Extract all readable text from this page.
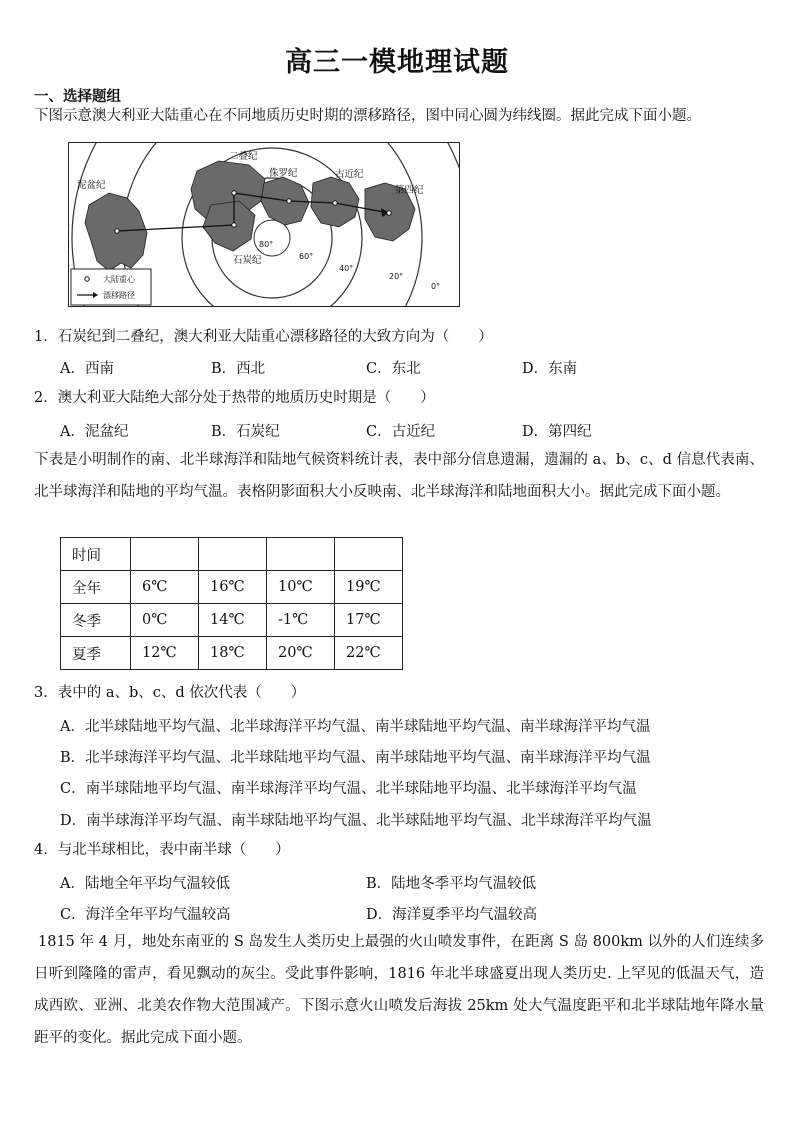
高三一模地理试题
一、选择题组
下图示意澳大利亚大陆重心在不同地质历史时期的漂移路径，图中同心圆为纬线圈。据此完成下面小题。
泥盆纪
二叠纪
侏罗纪	古近纪
第四纪
石炭纪
80°
60°
40°
20°
0°
大陆重心
漂移路径
1．石炭纪到二叠纪，澳大利亚大陆重心漂移路径的大致方向为（　　）
A．西南	B．西北	C．东北	D．东南
2．澳大利亚大陆绝大部分处于热带的地质历史时期是（　　）
A．泥盆纪	B．石炭纪	C．古近纪	D．第四纪
下表是小明制作的南、北半球海洋和陆地气候资料统计表，表中部分信息遗漏，遗漏的 a、b、c、d 信息代表南、北半球海洋和陆地的平均气温。表格阴影面积大小反映南、北半球海洋和陆地面积大小。据此完成下面小题。
时间				
全年	6℃	16℃	10℃	19℃
冬季	0℃	14℃	-1℃	17℃
夏季	12℃	18℃	20℃	22℃
3．表中的 a、b、c、d 依次代表（　　）
A．北半球陆地平均气温、北半球海洋平均气温、南半球陆地平均气温、南半球海洋平均气温
B．北半球海洋平均气温、北半球陆地平均气温、南半球陆地平均气温、南半球海洋平均气温
C．南半球陆地平均气温、南半球海洋平均气温、北半球陆地平均温、北半球海洋平均气温
D．南半球海洋平均气温、南半球陆地平均气温、北半球陆地平均气温、北半球海洋平均气温
4．与北半球相比，表中南半球（　　）
A．陆地全年平均气温较低	B．陆地冬季平均气温较低
C．海洋全年平均气温较高	D．海洋夏季平均气温较高
1815 年 4 月，地处东南亚的 S 岛发生人类历史上最强的火山喷发事件，在距离 S 岛 800km 以外的人们连续多日听到隆隆的雷声，看见飘动的灰尘。受此事件影响，1816 年北半球盛夏出现人类历史. 上罕见的低温天气，造成西欧、亚洲、北美农作物大范围减产。下图示意火山喷发后海拔 25km 处大气温度距平和北半球陆地年降水量距平的变化。据此完成下面小题。
